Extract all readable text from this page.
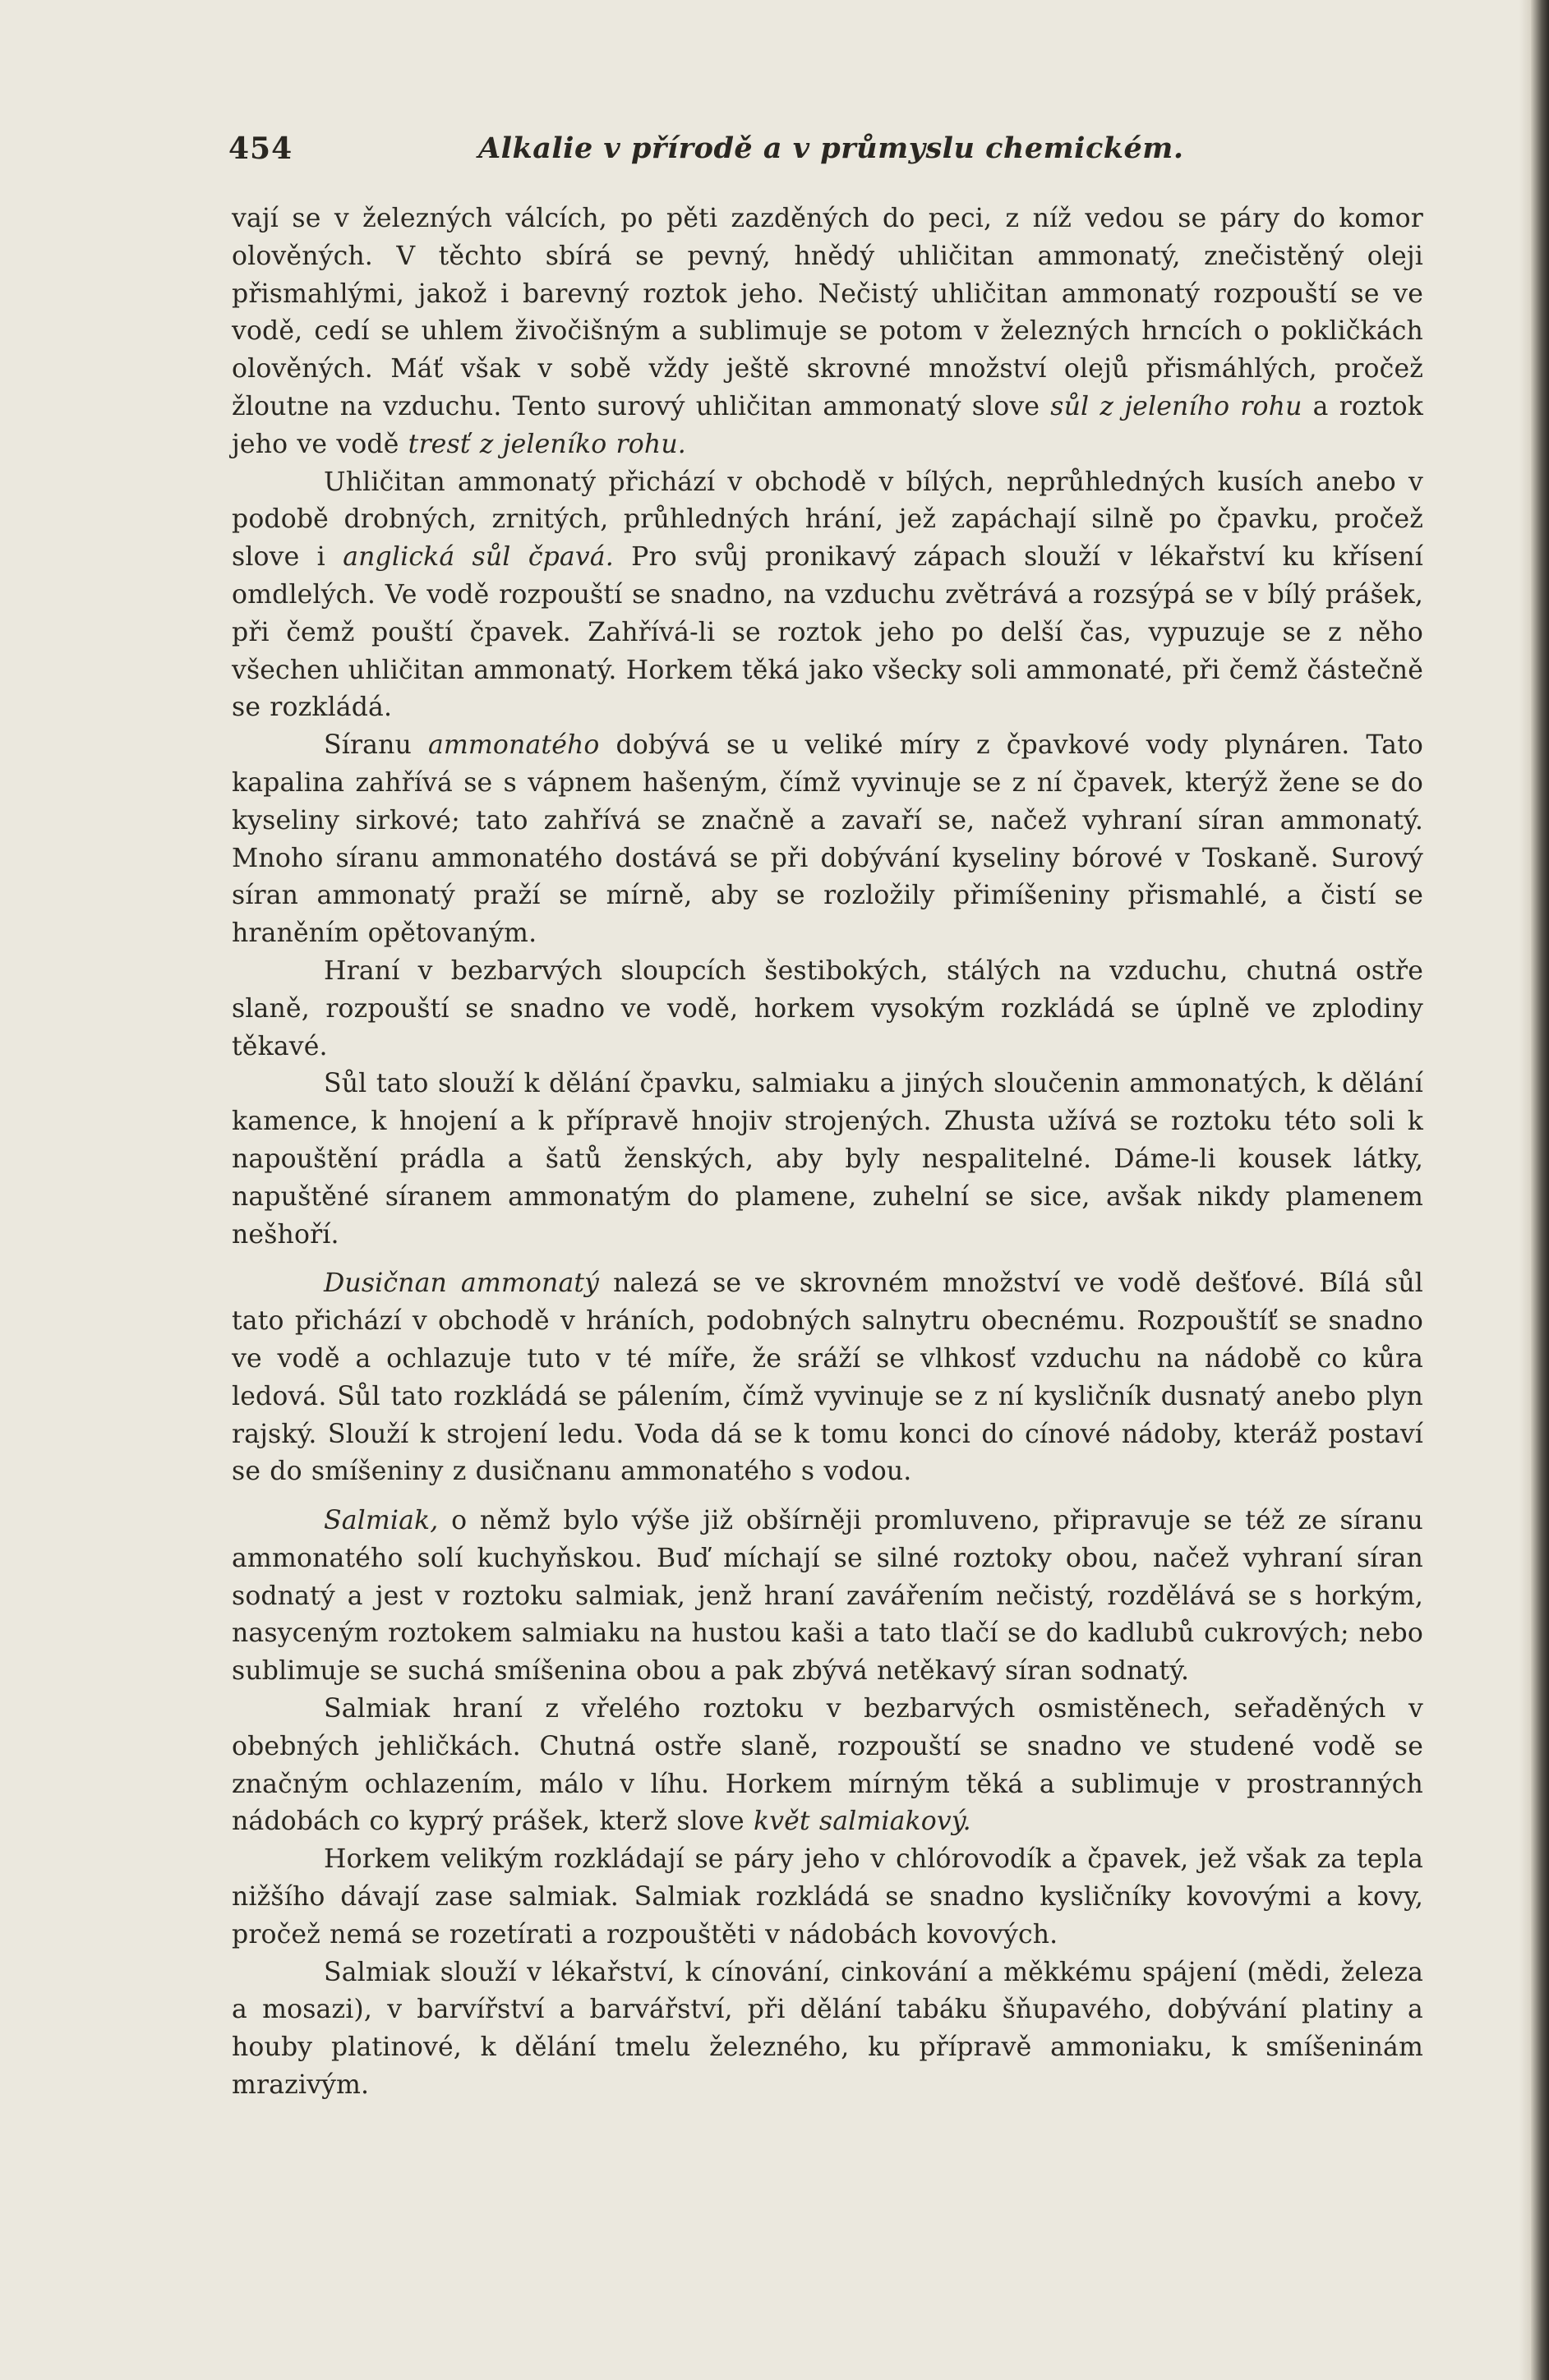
454	Alkalie v přírodě a v průmyslu chemickém.

vají se v železných válcích, po pěti zazděných do peci, z níž vedou se páry do komor olověných. V těchto sbírá se pevný, hnědý uhličitan ammonatý, znečistěný oleji přismahlými, jakož i barevný roztok jeho. Nečistý uhličitan ammonatý rozpouští se ve vodě, cedí se uhlem živočišným a sublimuje se potom v železných hrncích o pokličkách olověných. Máť však v sobě vždy ještě skrovné množství olejů přismáhlých, pročež žloutne na vzduchu. Tento surový uhličitan ammonatý slove sůl z jeleního rohu a roztok jeho ve vodě tresť z jeleníko rohu.

Uhličitan ammonatý přichází v obchodě v bílých, neprůhledných kusích anebo v podobě drobných, zrnitých, průhledných hrání, jež zapáchají silně po čpavku, pročež slove i anglická sůl čpavá. Pro svůj pronikavý zápach slouží v lékařství ku křísení omdlelých. Ve vodě rozpouští se snadno, na vzduchu zvětrává a rozsýpá se v bílý prášek, při čemž pouští čpavek. Zahřívá-li se roztok jeho po delší čas, vypuzuje se z něho všechen uhličitan ammonatý. Horkem těká jako všecky soli ammonaté, při čemž částečně se rozkládá.

Síranu ammonatého dobývá se u veliké míry z čpavkové vody plynáren. Tato kapalina zahřívá se s vápnem hašeným, čímž vyvinuje se z ní čpavek, kterýž žene se do kyseliny sirkové; tato zahřívá se značně a zavaří se, načež vyhraní síran ammonatý. Mnoho síranu ammonatého dostává se při dobývání kyseliny bórové v Toskaně. Surový síran ammonatý praží se mírně, aby se rozložily přimíšeniny přismahlé, a čistí se hraněním opětovaným.

Hraní v bezbarvých sloupcích šestibokých, stálých na vzduchu, chutná ostře slaně, rozpouští se snadno ve vodě, horkem vysokým rozkládá se úplně ve zplodiny těkavé.

Sůl tato slouží k dělání čpavku, salmiaku a jiných sloučenin ammonatých, k dělání kamence, k hnojení a k přípravě hnojiv strojených. Zhusta užívá se roztoku této soli k napouštění prádla a šatů ženských, aby byly nespalitelné. Dáme-li kousek látky, napuštěné síranem ammonatým do plamene, zuhelní se sice, avšak nikdy plamenem nešhoří.

Dusičnan ammonatý nalezá se ve skrovném množství ve vodě dešťové. Bílá sůl tato přichází v obchodě v hráních, podobných salnytru obecnému. Rozpouštíť se snadno ve vodě a ochlazuje tuto v té míře, že sráží se vlhkosť vzduchu na nádobě co kůra ledová. Sůl tato rozkládá se pálením, čímž vyvinuje se z ní kysličník dusnatý anebo plyn rajský. Slouží k strojení ledu. Voda dá se k tomu konci do cínové nádoby, kteráž postaví se do smíšeniny z dusičnanu ammonatého s vodou.

Salmiak, o němž bylo výše již obšírněji promluveno, připravuje se též ze síranu ammonatého solí kuchyňskou. Buď míchají se silné roztoky obou, načež vyhraní síran sodnatý a jest v roztoku salmiak, jenž hraní zavářením nečistý, rozdělává se s horkým, nasyceným roztokem salmiaku na hustou kaši a tato tlačí se do kadlubů cukrových; nebo sublimuje se suchá smíšenina obou a pak zbývá netěkavý síran sodnatý.

Salmiak hraní z vřelého roztoku v bezbarvých osmistěnech, seřaděných v obebných jehličkách. Chutná ostře slaně, rozpouští se snadno ve studené vodě se značným ochlazením, málo v líhu. Horkem mírným těká a sublimuje v prostranných nádobách co kyprý prášek, kterž slove květ salmiakový.

Horkem velikým rozkládají se páry jeho v chlórovodík a čpavek, jež však za tepla nižšího dávají zase salmiak. Salmiak rozkládá se snadno kysličníky kovovými a kovy, pročež nemá se rozetírati a rozpouštěti v nádobách kovových.

Salmiak slouží v lékařství, k cínování, cinkování a měkkému spájení (mědi, železa a mosazi), v barvířství a barvářství, při dělání tabáku šňupavého, dobývání platiny a houby platinové, k dělání tmelu železného, ku přípravě ammoniaku, k smíšeninám mrazivým.
